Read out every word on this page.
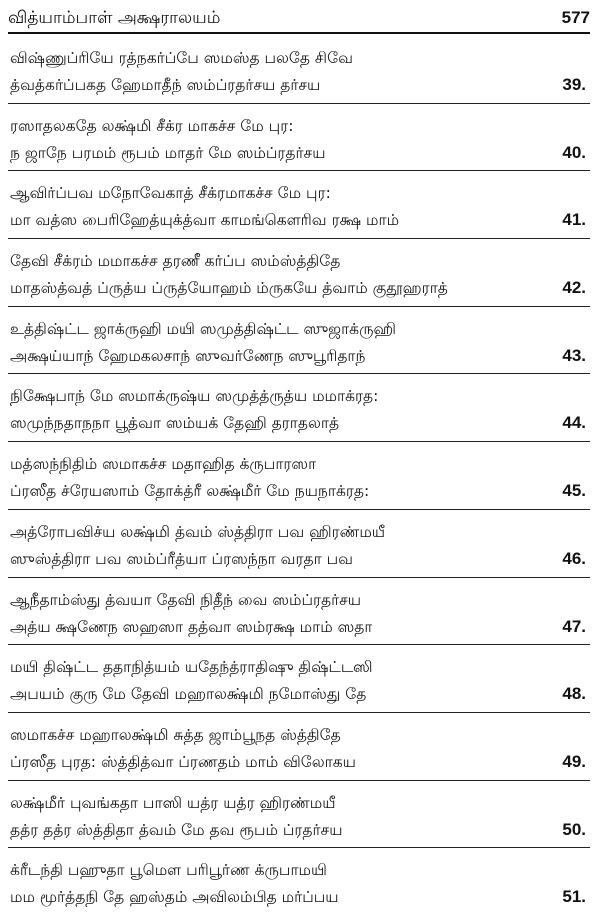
வித்யாம்பாள் அக்ஷராலயம்	577
விஷ்ணுப்ரியே ரத்நகர்ப்பே ஸமஸ்த பலதே சிவே
த்வத்கர்ப்பகத ஹேமாதீந் ஸம்ப்ரதர்சய தர்சய	39.
ரஸாதலகதே லக்ஷ்மி சீக்ர மாகச்ச மே புர:
ந ஜாநே பரமம் ரூபம் மாதர் மே ஸம்ப்ரதர்சய	40.
ஆவிர்ப்பவ மநோவேகாத் சீக்ரமாகச்ச மே புர:
மா வத்ஸ பைரிஹேத்யுக்த்வா காமங்கௌரிவ ரக்ஷ மாம்	41.
தேவி சீக்ரம் மமாகச்ச தரணீ கர்ப்ப ஸம்ஸ்த்திதே
மாதஸ்த்வத் ப்ருத்ய ப்ருத்யோஹம் ம்ருகயே த்வாம் குதூஹராத்	42.
உத்திஷ்ட்ட ஜாக்ருஹி மயி ஸமுத்திஷ்ட்ட ஸுஜாக்ருஹி
அக்ஷய்யாந் ஹேமகலசாந் ஸுவர்ணேந ஸுபூரிதாந்	43.
நிக்ஷேபாந் மே ஸமாக்ருஷ்ய ஸமுத்த்ருத்ய மமாக்ரத:
ஸமுந்நதாநநா பூத்வா ஸம்யக் தேஹி தராதலாத்	44.
மத்ஸந்நிதிம் ஸமாகச்ச மதாஹித க்ருபாரஸா
ப்ரஸீத ச்ரேயஸாம் தோக்த்ரீ லக்ஷ்மீர் மே நயநாக்ரத:	45.
அத்ரோபவிச்ய லக்ஷ்மி த்வம் ஸ்த்திரா பவ ஹிரண்மயீ
ஸுஸ்த்திரா பவ ஸம்ப்ரீத்யா ப்ரஸந்நா வரதா பவ	46.
ஆநீதாம்ஸ்து த்வயா தேவி நிதீந் வை ஸம்ப்ரதர்சய
அத்ய க்ஷணேந ஸஹஸா தத்வா ஸம்ரக்ஷ மாம் ஸதா	47.
மயி திஷ்ட்ட ததாநித்யம் யதேந்த்ராதிஷு திஷ்ட்டஸி
அபயம் குரு மே தேவி மஹாலக்ஷ்மி நமோஸ்து தே	48.
ஸமாகச்ச மஹாலக்ஷ்மி சுத்த ஜாம்பூநத ஸ்த்திதே
ப்ரஸீத புரத: ஸ்த்தித்வா ப்ரணதம் மாம் விலோகய	49.
லக்ஷ்மீர் புவங்கதா பாஸி யத்ர யத்ர ஹிரண்மயீ
தத்ர தத்ர ஸ்த்திதா த்வம் மே தவ ரூபம் ப்ரதர்சய	50.
க்ரீடந்தி பஹுதா பூமௌ பரிபூர்ண க்ருபாமயி
மம மூர்த்தநி தே ஹஸ்தம் அவிலம்பித மர்ப்பய	51.
